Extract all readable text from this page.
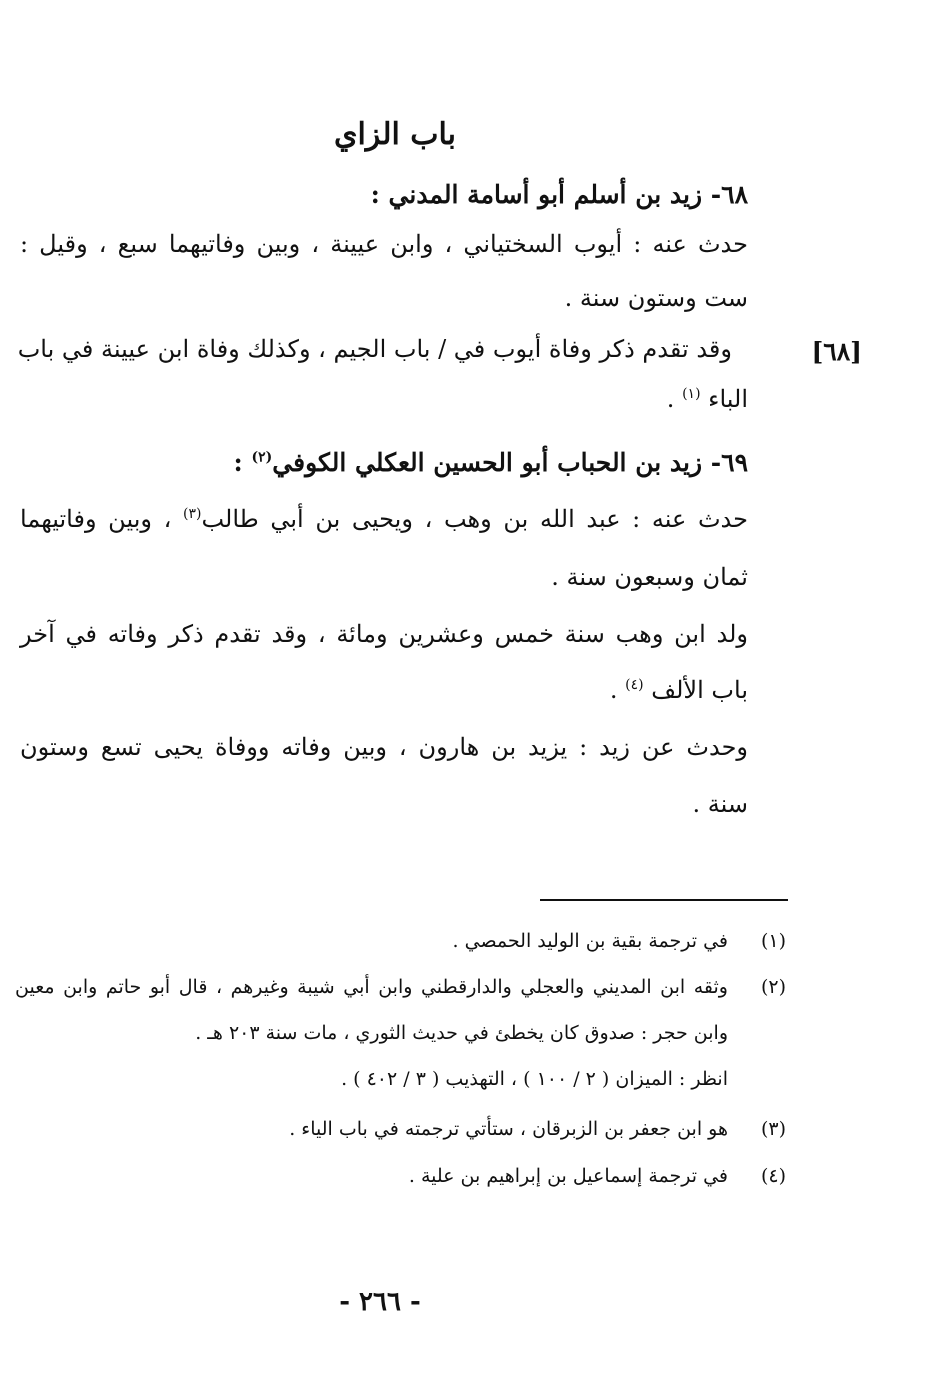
باب الزاي
٦٨- زيد بن أسلم أبو أسامة المدني :
حدث عنه : أيوب السختياني ، وابن عيينة ، وبين وفاتيهما سبع ، وقيل :
ست وستون سنة .
[٦٨]
وقد تقدم ذكر وفاة أيوب في / باب الجيم ، وكذلك وفاة ابن عيينة في باب
الباء $^{(١)}$ .
٦٩- زيد بن الحباب أبو الحسين العكلي الكوفي$^{(٢)}$ :
حدث عنه : عبد الله بن وهب ، ويحيى بن أبي طالب$^{(٣)}$ ، وبين وفاتيهما
ثمان وسبعون سنة .
ولد ابن وهب سنة خمس وعشرين ومائة ، وقد تقدم ذكر وفاته في آخر
باب الألف $^{(٤)}$ .
وحدث عن زيد : يزيد بن هارون ، وبين وفاته ووفاة يحيى تسع وستون
سنة .
(١)
في ترجمة بقية بن الوليد الحمصي .
(٢)
وثقه ابن المديني والعجلي والدارقطني وابن أبي شيبة وغيرهم ، قال أبو حاتم وابن معين
وابن حجر : صدوق كان يخطئ في حديث الثوري ، مات سنة ٢٠٣ هـ .
انظر : الميزان ( ٢ / ١٠٠ ) ، التهذيب ( ٣ / ٤٠٢ ) .
(٣)
هو ابن جعفر بن الزبرقان ، ستأتي ترجمته في باب الياء .
(٤)
في ترجمة إسماعيل بن إبراهيم بن علية .
- ٢٦٦ -
